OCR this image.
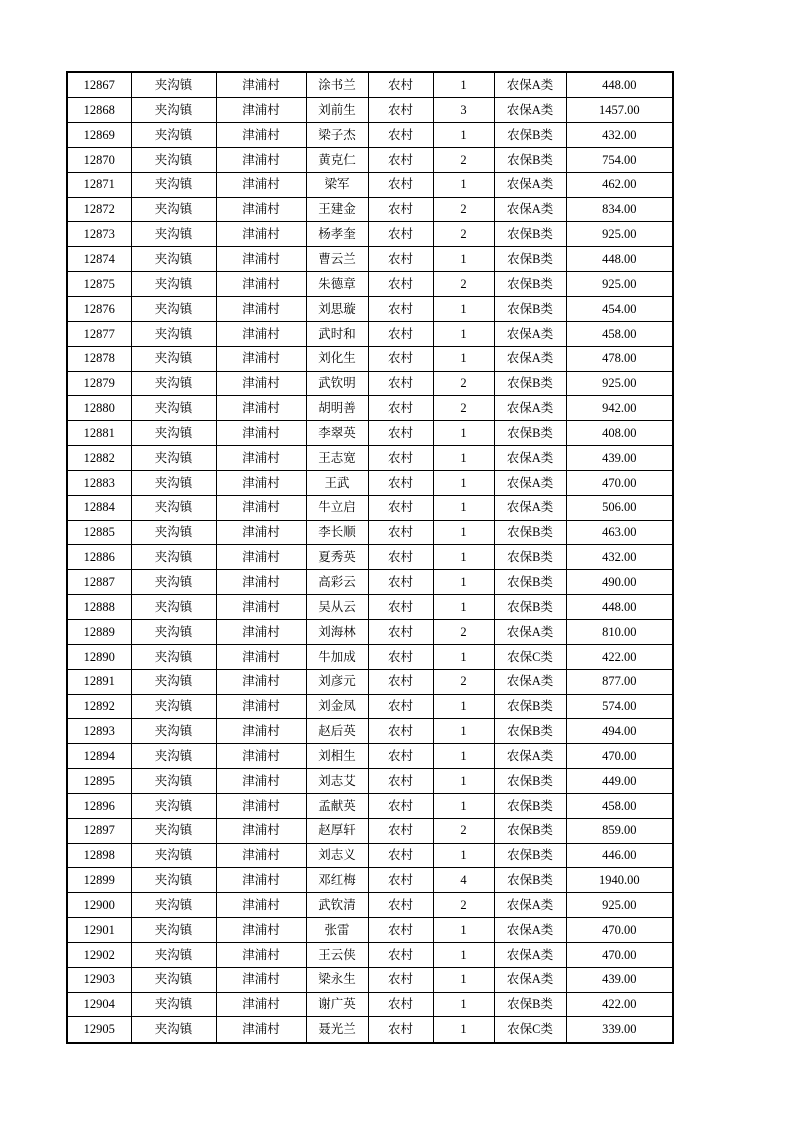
12867	夹沟镇	津浦村	涂书兰	农村	1	农保A类	448.00
12868	夹沟镇	津浦村	刘前生	农村	3	农保A类	1457.00
12869	夹沟镇	津浦村	梁子杰	农村	1	农保B类	432.00
12870	夹沟镇	津浦村	黄克仁	农村	2	农保B类	754.00
12871	夹沟镇	津浦村	梁军	农村	1	农保A类	462.00
12872	夹沟镇	津浦村	王建金	农村	2	农保A类	834.00
12873	夹沟镇	津浦村	杨孝奎	农村	2	农保B类	925.00
12874	夹沟镇	津浦村	曹云兰	农村	1	农保B类	448.00
12875	夹沟镇	津浦村	朱德章	农村	2	农保B类	925.00
12876	夹沟镇	津浦村	刘思璇	农村	1	农保B类	454.00
12877	夹沟镇	津浦村	武时和	农村	1	农保A类	458.00
12878	夹沟镇	津浦村	刘化生	农村	1	农保A类	478.00
12879	夹沟镇	津浦村	武钦明	农村	2	农保B类	925.00
12880	夹沟镇	津浦村	胡明善	农村	2	农保A类	942.00
12881	夹沟镇	津浦村	李翠英	农村	1	农保B类	408.00
12882	夹沟镇	津浦村	王志宽	农村	1	农保A类	439.00
12883	夹沟镇	津浦村	王武	农村	1	农保A类	470.00
12884	夹沟镇	津浦村	牛立启	农村	1	农保A类	506.00
12885	夹沟镇	津浦村	李长顺	农村	1	农保B类	463.00
12886	夹沟镇	津浦村	夏秀英	农村	1	农保B类	432.00
12887	夹沟镇	津浦村	高彩云	农村	1	农保B类	490.00
12888	夹沟镇	津浦村	吴从云	农村	1	农保B类	448.00
12889	夹沟镇	津浦村	刘海林	农村	2	农保A类	810.00
12890	夹沟镇	津浦村	牛加成	农村	1	农保C类	422.00
12891	夹沟镇	津浦村	刘彦元	农村	2	农保A类	877.00
12892	夹沟镇	津浦村	刘金凤	农村	1	农保B类	574.00
12893	夹沟镇	津浦村	赵后英	农村	1	农保B类	494.00
12894	夹沟镇	津浦村	刘相生	农村	1	农保A类	470.00
12895	夹沟镇	津浦村	刘志艾	农村	1	农保B类	449.00
12896	夹沟镇	津浦村	孟献英	农村	1	农保B类	458.00
12897	夹沟镇	津浦村	赵厚轩	农村	2	农保B类	859.00
12898	夹沟镇	津浦村	刘志义	农村	1	农保B类	446.00
12899	夹沟镇	津浦村	邓红梅	农村	4	农保B类	1940.00
12900	夹沟镇	津浦村	武钦清	农村	2	农保A类	925.00
12901	夹沟镇	津浦村	张雷	农村	1	农保A类	470.00
12902	夹沟镇	津浦村	王云侠	农村	1	农保A类	470.00
12903	夹沟镇	津浦村	梁永生	农村	1	农保A类	439.00
12904	夹沟镇	津浦村	谢广英	农村	1	农保B类	422.00
12905	夹沟镇	津浦村	聂光兰	农村	1	农保C类	339.00
